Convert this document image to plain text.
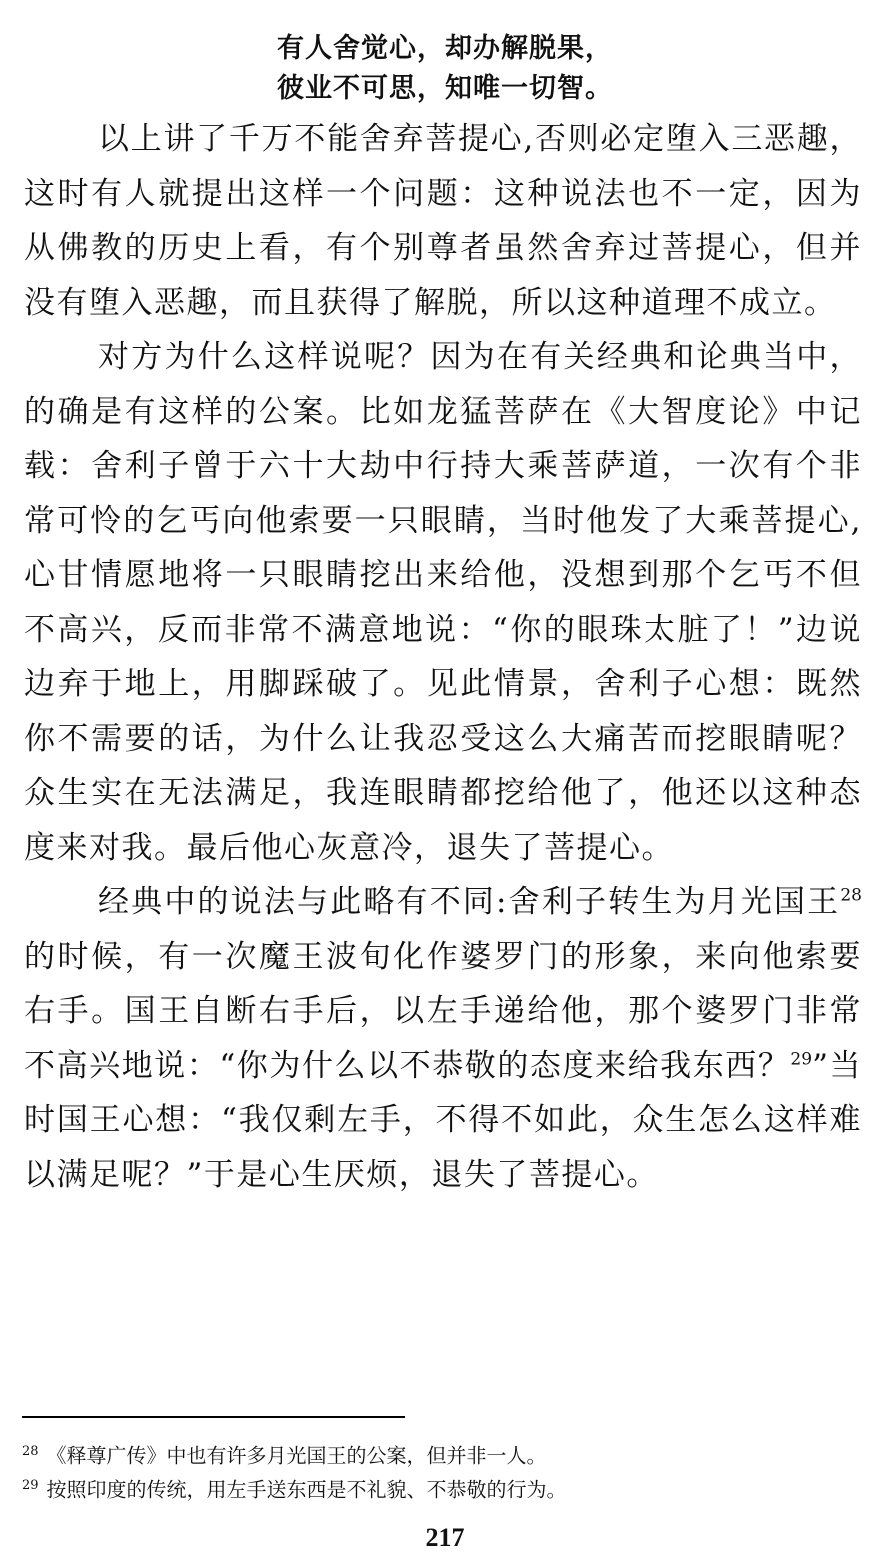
有人舍觉心，却办解脱果，
彼业不可思，知唯一切智。

以上讲了千万不能舍弃菩提心,否则必定堕入三恶趣，这时有人就提出这样一个问题：这种说法也不一定，因为从佛教的历史上看，有个别尊者虽然舍弃过菩提心，但并没有堕入恶趣，而且获得了解脱，所以这种道理不成立。

对方为什么这样说呢？因为在有关经典和论典当中，的确是有这样的公案。比如龙猛菩萨在《大智度论》中记载：舍利子曾于六十大劫中行持大乘菩萨道，一次有个非常可怜的乞丐向他索要一只眼睛，当时他发了大乘菩提心,心甘情愿地将一只眼睛挖出来给他，没想到那个乞丐不但不高兴，反而非常不满意地说：“你的眼珠太脏了！”边说边弃于地上，用脚踩破了。见此情景，舍利子心想：既然你不需要的话，为什么让我忍受这么大痛苦而挖眼睛呢？众生实在无法满足，我连眼睛都挖给他了，他还以这种态度来对我。最后他心灰意冷，退失了菩提心。

经典中的说法与此略有不同:舍利子转生为月光国王$^{28}$的时候，有一次魔王波旬化作婆罗门的形象，来向他索要右手。国王自断右手后，以左手递给他，那个婆罗门非常不高兴地说：“你为什么以不恭敬的态度来给我东西？$^{29}$”当时国王心想：“我仅剩左手，不得不如此，众生怎么这样难以满足呢？”于是心生厌烦，退失了菩提心。

$^{28}$ 《释尊广传》中也有许多月光国王的公案，但并非一人。
$^{29}$ 按照印度的传统，用左手送东西是不礼貌、不恭敬的行为。
217
